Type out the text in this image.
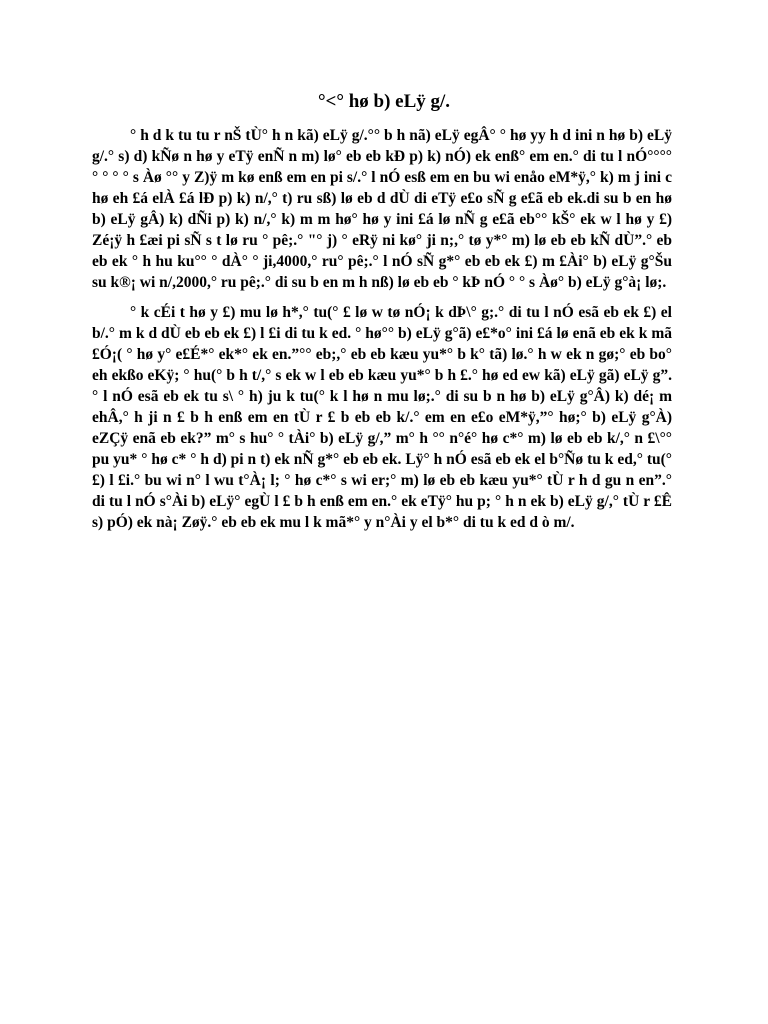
°<° hø b) eLÿ g/.

° h d k tu tu r nŠ tÙ° h n kã) eLÿ g/.°° b h nã) eLÿ egÂ° ° hø yy h d ini n hø b) eLÿ g/.° s) d) kÑø n hø y eTÿ enÑ n m) lø° eb eb kÐ p) k) nÓ) ek enß° em en.° di tu l nÓ°°°° ° ° ° ° s Àø °° y Z)ÿ m kø enß em en pi s/.° l nÓ esß em en bu wi enåo eM*ÿ,° k) m j ini c hø eh £á elÀ £á lÐ p) k) n/,° t) ru sß) lø eb d dÙ di eTÿ e£o sÑ g e£ã eb ek.di su b en hø b) eLÿ gÂ) k) dÑi p) k) n/,° k) m m hø° hø y ini £á lø nÑ g e£ã eb°° kŠ° ek w l hø y £) Zé¡ÿ h £æi pi sÑ s t lø ru ° pê;.° "° j) ° eRÿ ni kø° ji n;,° tø y*° m) lø eb eb kÑ dÙ”.° eb eb ek ° h hu ku°° ° dÀ° ° ji,4000,° ru° pê;.° l nÓ sÑ g*° eb eb ek £) m £Ài° b) eLÿ g°Šu su k®¡ wi n/,2000,° ru pê;.° di su b en m h nß) lø eb eb ° kÞ nÓ ° ° s Àø° b) eLÿ g°à¡ lø;.

° k cÉi t hø y £) mu lø h*,° tu(° £ lø w tø nÓ¡ k dÞ\° g;.° di tu l nÓ esã eb ek £) el b/.° m k d dÙ eb eb ek £) l £i di tu k ed. ° hø°° b) eLÿ g°ã) e£*o° ini £á lø enã eb ek k mã £Ó¡( ° hø y° e£É*° ek*° ek en.”°° eb;,° eb eb kæu yu*° b k° tã) lø.° h w ek n gø;° eb bo° eh ekßo eKÿ; ° hu(° b h t/,° s ek w l eb eb kæu yu*° b h £.° hø ed ew kã) eLÿ gã) eLÿ g”.° l nÓ esã eb ek tu s\ ° h) ju k tu(° k l hø n mu lø;.° di su b n hø b) eLÿ g°Â) k) dé¡ m ehÂ,° h ji n £ b h enß em en tÙ r £ b eb eb k/.° em en e£o eM*ÿ,”° hø;° b) eLÿ g°À) eZÇÿ enã eb ek?” m° s hu° ° tÀi° b) eLÿ g/,” m° h °° n°é° hø c*° m) lø eb eb k/,° n £\°° pu yu* ° hø c* ° h d) pi n t) ek nÑ g*° eb eb ek. Lÿ° h nÓ esã eb ek el b°Ñø tu k ed,° tu(° £) l £i.° bu wi n° l wu t°À¡ l; ° hø c*° s wi er;° m) lø eb eb kæu yu*° tÙ r h d gu n en”.° di tu l nÓ s°Ài b) eLÿ° egÙ l £ b h enß em en.° ek eTÿ° hu p; ° h n ek b) eLÿ g/,° tÙ r £Ê s) pÓ) ek nà¡ Zøÿ.° eb eb ek mu l k mã*° y n°Ài y el b*° di tu k ed d ò m/.
